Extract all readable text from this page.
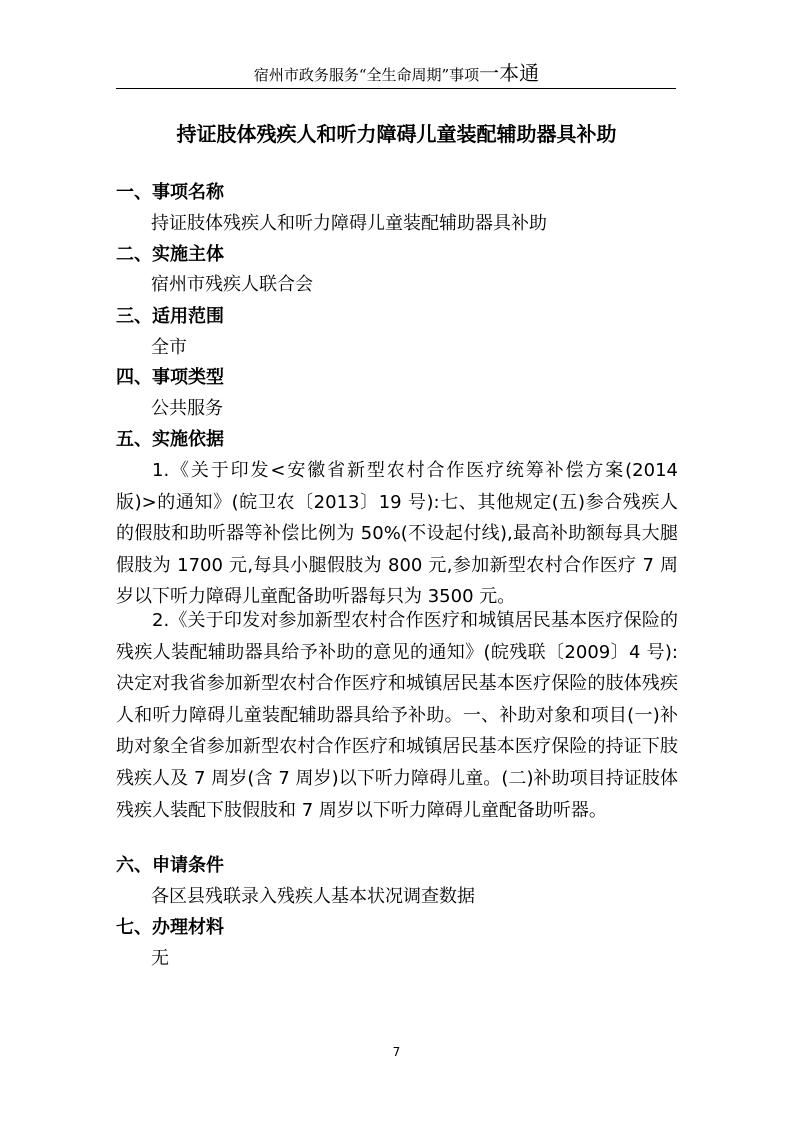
宿州市政务服务“全生命周期”事项一本通
持证肢体残疾人和听力障碍儿童装配辅助器具补助
一、事项名称
持证肢体残疾人和听力障碍儿童装配辅助器具补助
二、实施主体
宿州市残疾人联合会
三、适用范围
全市
四、事项类型
公共服务
五、实施依据
1.《关于印发<安徽省新型农村合作医疗统筹补偿方案(2014 版)>的通知》(皖卫农〔2013〕19 号):七、其他规定(五)参合残疾人的假肢和助听器等补偿比例为 50%(不设起付线),最高补助额每具大腿假肢为 1700 元,每具小腿假肢为 800 元,参加新型农村合作医疗 7 周岁以下听力障碍儿童配备助听器每只为 3500 元。
2.《关于印发对参加新型农村合作医疗和城镇居民基本医疗保险的残疾人装配辅助器具给予补助的意见的通知》(皖残联〔2009〕4 号):决定对我省参加新型农村合作医疗和城镇居民基本医疗保险的肢体残疾人和听力障碍儿童装配辅助器具给予补助。一、补助对象和项目(一)补助对象全省参加新型农村合作医疗和城镇居民基本医疗保险的持证下肢残疾人及 7 周岁(含 7 周岁)以下听力障碍儿童。(二)补助项目持证肢体残疾人装配下肢假肢和 7 周岁以下听力障碍儿童配备助听器。
六、申请条件
各区县残联录入残疾人基本状况调查数据
七、办理材料
无
7
